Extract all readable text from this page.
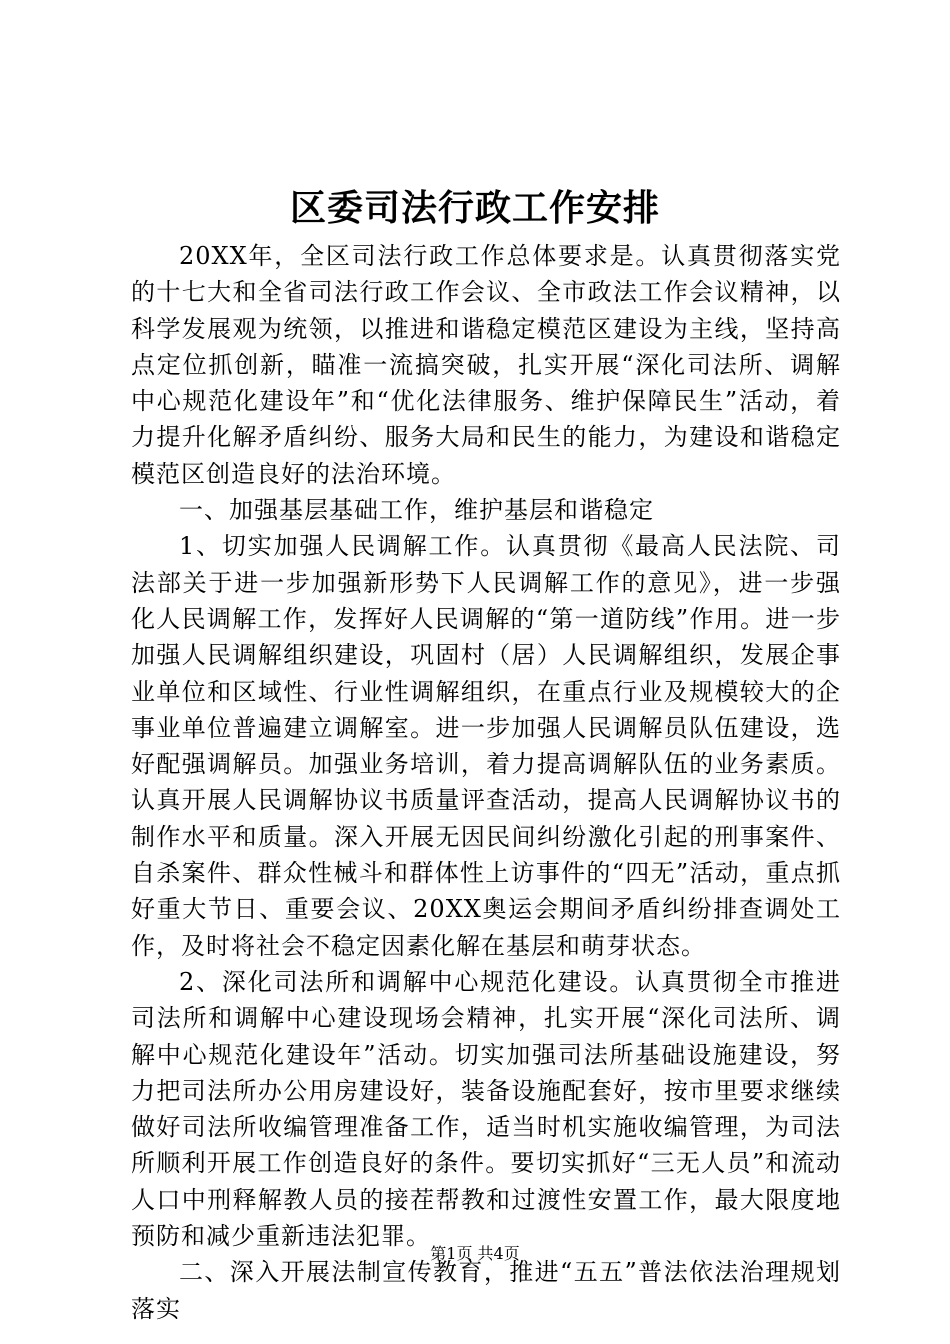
区委司法行政工作安排

20XX年，全区司法行政工作总体要求是。认真贯彻落实党的十七大和全省司法行政工作会议、全市政法工作会议精神，以科学发展观为统领，以推进和谐稳定模范区建设为主线，坚持高点定位抓创新，瞄准一流搞突破，扎实开展“深化司法所、调解中心规范化建设年”和“优化法律服务、维护保障民生”活动，着力提升化解矛盾纠纷、服务大局和民生的能力，为建设和谐稳定模范区创造良好的法治环境。

一、加强基层基础工作，维护基层和谐稳定

1、切实加强人民调解工作。认真贯彻《最高人民法院、司法部关于进一步加强新形势下人民调解工作的意见》，进一步强化人民调解工作，发挥好人民调解的“第一道防线”作用。进一步加强人民调解组织建设，巩固村（居）人民调解组织，发展企事业单位和区域性、行业性调解组织，在重点行业及规模较大的企事业单位普遍建立调解室。进一步加强人民调解员队伍建设，选好配强调解员。加强业务培训，着力提高调解队伍的业务素质。认真开展人民调解协议书质量评查活动，提高人民调解协议书的制作水平和质量。深入开展无因民间纠纷激化引起的刑事案件、自杀案件、群众性械斗和群体性上访事件的“四无”活动，重点抓好重大节日、重要会议、20XX奥运会期间矛盾纠纷排查调处工作，及时将社会不稳定因素化解在基层和萌芽状态。

2、深化司法所和调解中心规范化建设。认真贯彻全市推进司法所和调解中心建设现场会精神，扎实开展“深化司法所、调解中心规范化建设年”活动。切实加强司法所基础设施建设，努力把司法所办公用房建设好，装备设施配套好，按市里要求继续做好司法所收编管理准备工作，适当时机实施收编管理，为司法所顺利开展工作创造良好的条件。要切实抓好“三无人员”和流动人口中刑释解教人员的接茬帮教和过渡性安置工作，最大限度地预防和减少重新违法犯罪。

二、深入开展法制宣传教育，推进“五五”普法依法治理规划落实

第1页 共4页
